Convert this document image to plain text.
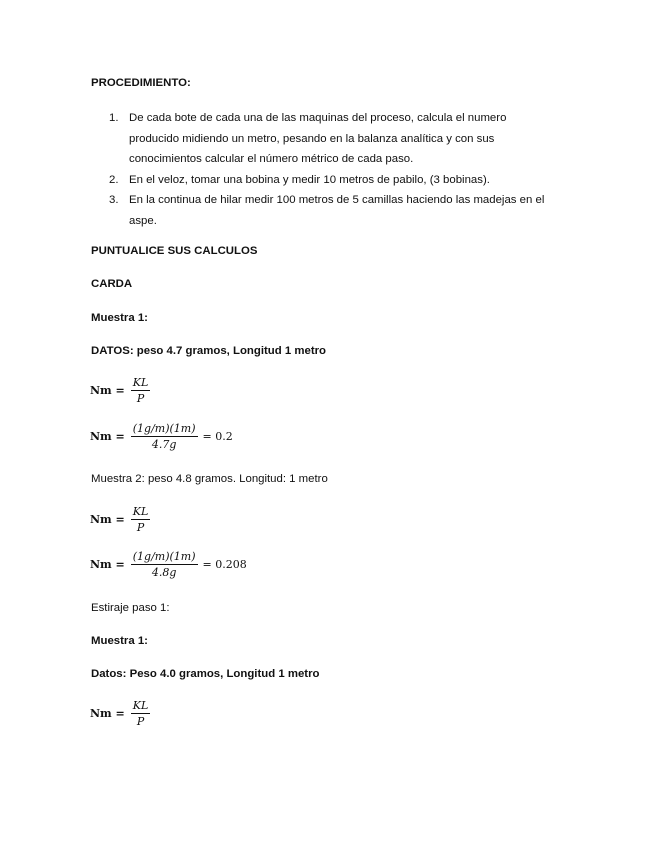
PROCEDIMIENTO:
1. De cada bote de cada una de las maquinas del proceso, calcula el numero
producido midiendo un metro, pesando en la balanza analítica y con sus
conocimientos calcular el número métrico de cada paso.
2. En el veloz, tomar una bobina y medir 10 metros de pabilo, (3 bobinas).
3. En la continua de hilar medir 100 metros de 5 camillas haciendo las madejas en el
aspe.
PUNTUALICE SUS CALCULOS
CARDA
Muestra 1:
DATOS: peso 4.7 gramos, Longitud 1 metro
$Nm = \frac{KL}{P}$
$Nm = \frac{(1g/m)(1m)}{4.7g} = 0.2$
Muestra 2: peso 4.8 gramos. Longitud: 1 metro
$Nm = \frac{KL}{P}$
$Nm = \frac{(1g/m)(1m)}{4.8g} = 0.208$
Estiraje paso 1:
Muestra 1:
Datos: Peso 4.0 gramos, Longitud 1 metro
$Nm = \frac{KL}{P}$
